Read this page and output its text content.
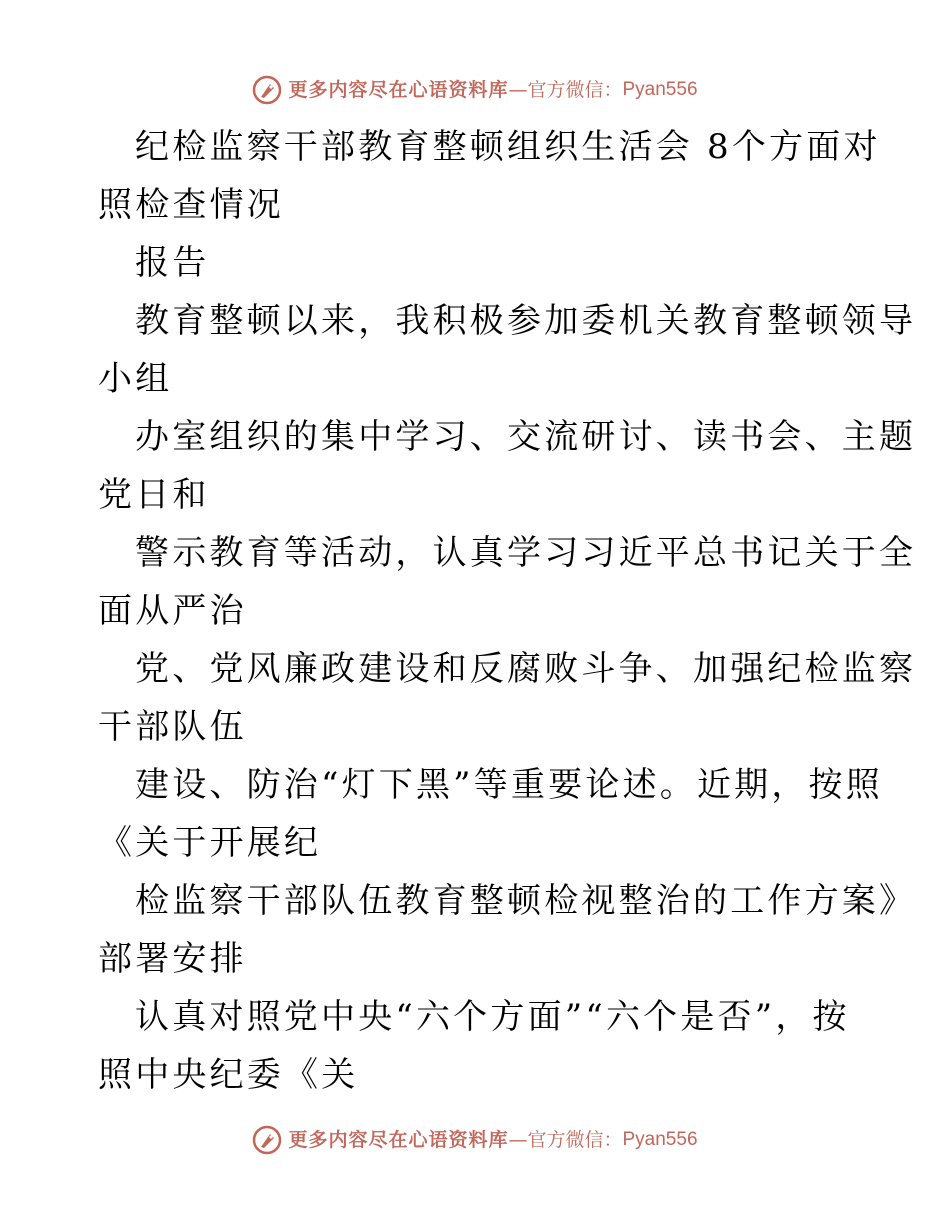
更多内容尽在心语资料库 — 官方微信： Pyan556
纪检监察干部教育整顿组织生活会 8个方面对
照检查情况
报告
教育整顿以来，我积极参加委机关教育整顿领导
小组
办室组织的集中学习、交流研讨、读书会、主题
党日和
警示教育等活动，认真学习习近平总书记关于全
面从严治
党、党风廉政建设和反腐败斗争、加强纪检监察
干部队伍
建设、防治“灯下黑”等重要论述。近期，按照
《关于开展纪
检监察干部队伍教育整顿检视整治的工作方案》
部署安排
认真对照党中央“六个方面”“六个是否”，按
照中央纪委《关
更多内容尽在心语资料库 — 官方微信： Pyan556
